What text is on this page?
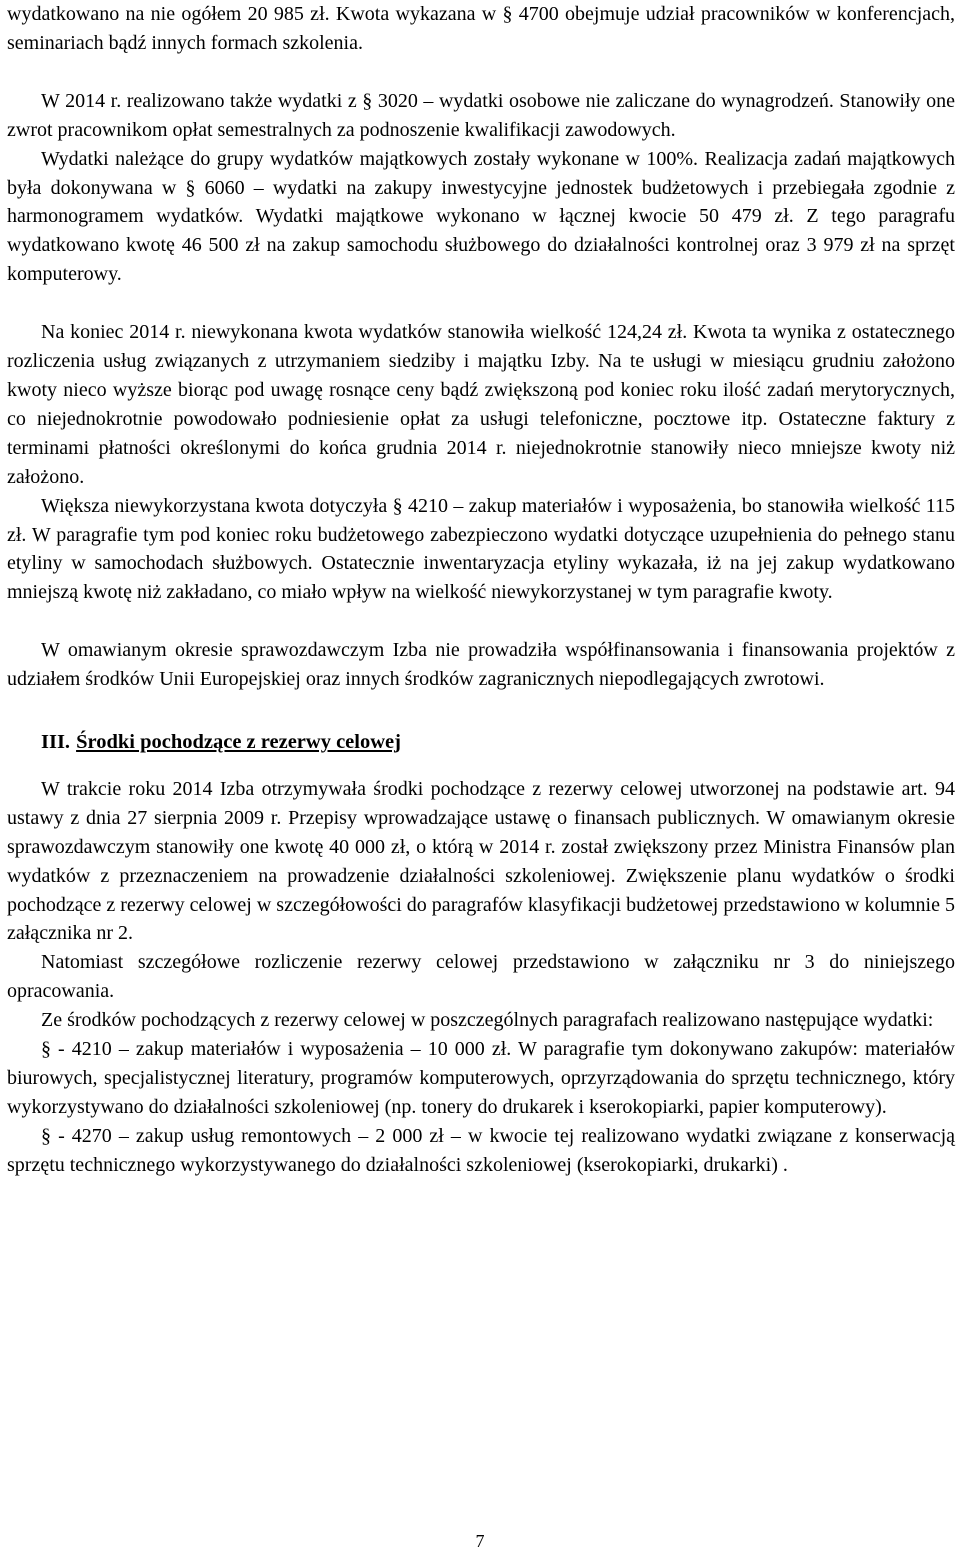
wydatkowano na nie ogółem 20 985 zł. Kwota wykazana w § 4700 obejmuje udział pracowników w konferencjach, seminariach bądź innych formach szkolenia.

W 2014 r. realizowano także wydatki z § 3020 – wydatki osobowe nie zaliczane do wynagrodzeń. Stanowiły one zwrot pracownikom opłat semestralnych za podnoszenie kwalifikacji zawodowych.

Wydatki należące do grupy wydatków majątkowych zostały wykonane w 100%. Realizacja zadań majątkowych była dokonywana w § 6060 – wydatki na zakupy inwestycyjne jednostek budżetowych i przebiegała zgodnie z harmonogramem wydatków. Wydatki majątkowe wykonano w łącznej kwocie 50 479 zł. Z tego paragrafu wydatkowano kwotę 46 500 zł na zakup samochodu służbowego do działalności kontrolnej oraz 3 979 zł na sprzęt komputerowy.

Na koniec 2014 r. niewykonana kwota wydatków stanowiła wielkość 124,24 zł. Kwota ta wynika z ostatecznego rozliczenia usług związanych z utrzymaniem siedziby i majątku Izby. Na te usługi w miesiącu grudniu założono kwoty nieco wyższe biorąc pod uwagę rosnące ceny bądź zwiększoną pod koniec roku ilość zadań merytorycznych, co niejednokrotnie powodowało podniesienie opłat za usługi telefoniczne, pocztowe itp. Ostateczne faktury z terminami płatności określonymi do końca grudnia 2014 r. niejednokrotnie stanowiły nieco mniejsze kwoty niż założono.

Większa niewykorzystana kwota dotyczyła § 4210 – zakup materiałów i wyposażenia, bo stanowiła wielkość 115 zł. W paragrafie tym pod koniec roku budżetowego zabezpieczono wydatki dotyczące uzupełnienia do pełnego stanu etyliny w samochodach służbowych. Ostatecznie inwentaryzacja etyliny wykazała, iż na jej zakup wydatkowano mniejszą kwotę niż zakładano, co miało wpływ na wielkość niewykorzystanej w tym paragrafie kwoty.

W omawianym okresie sprawozdawczym Izba nie prowadziła współfinansowania i finansowania projektów z udziałem środków Unii Europejskiej oraz innych środków zagranicznych niepodlegających zwrotowi.

III. Środki pochodzące z rezerwy celowej

W trakcie roku 2014 Izba otrzymywała środki pochodzące z rezerwy celowej utworzonej na podstawie art. 94 ustawy z dnia 27 sierpnia 2009 r. Przepisy wprowadzające ustawę o finansach publicznych. W omawianym okresie sprawozdawczym stanowiły one kwotę 40 000 zł, o którą w 2014 r. został zwiększony przez Ministra Finansów plan wydatków z przeznaczeniem na prowadzenie działalności szkoleniowej. Zwiększenie planu wydatków o środki pochodzące z rezerwy celowej w szczegółowości do paragrafów klasyfikacji budżetowej przedstawiono w kolumnie 5 załącznika nr 2.

Natomiast szczegółowe rozliczenie rezerwy celowej przedstawiono w załączniku nr 3 do niniejszego opracowania.

Ze środków pochodzących z rezerwy celowej w poszczególnych paragrafach realizowano następujące wydatki:

§ - 4210 – zakup materiałów i wyposażenia – 10 000 zł. W paragrafie tym dokonywano zakupów: materiałów biurowych, specjalistycznej literatury, programów komputerowych, oprzyrządowania do sprzętu technicznego, który wykorzystywano do działalności szkoleniowej (np. tonery do drukarek i kserokopiarki, papier komputerowy).

§ - 4270 – zakup usług remontowych – 2 000 zł – w kwocie tej realizowano wydatki związane z konserwacją sprzętu technicznego wykorzystywanego do działalności szkoleniowej (kserokopiarki, drukarki) .

7
